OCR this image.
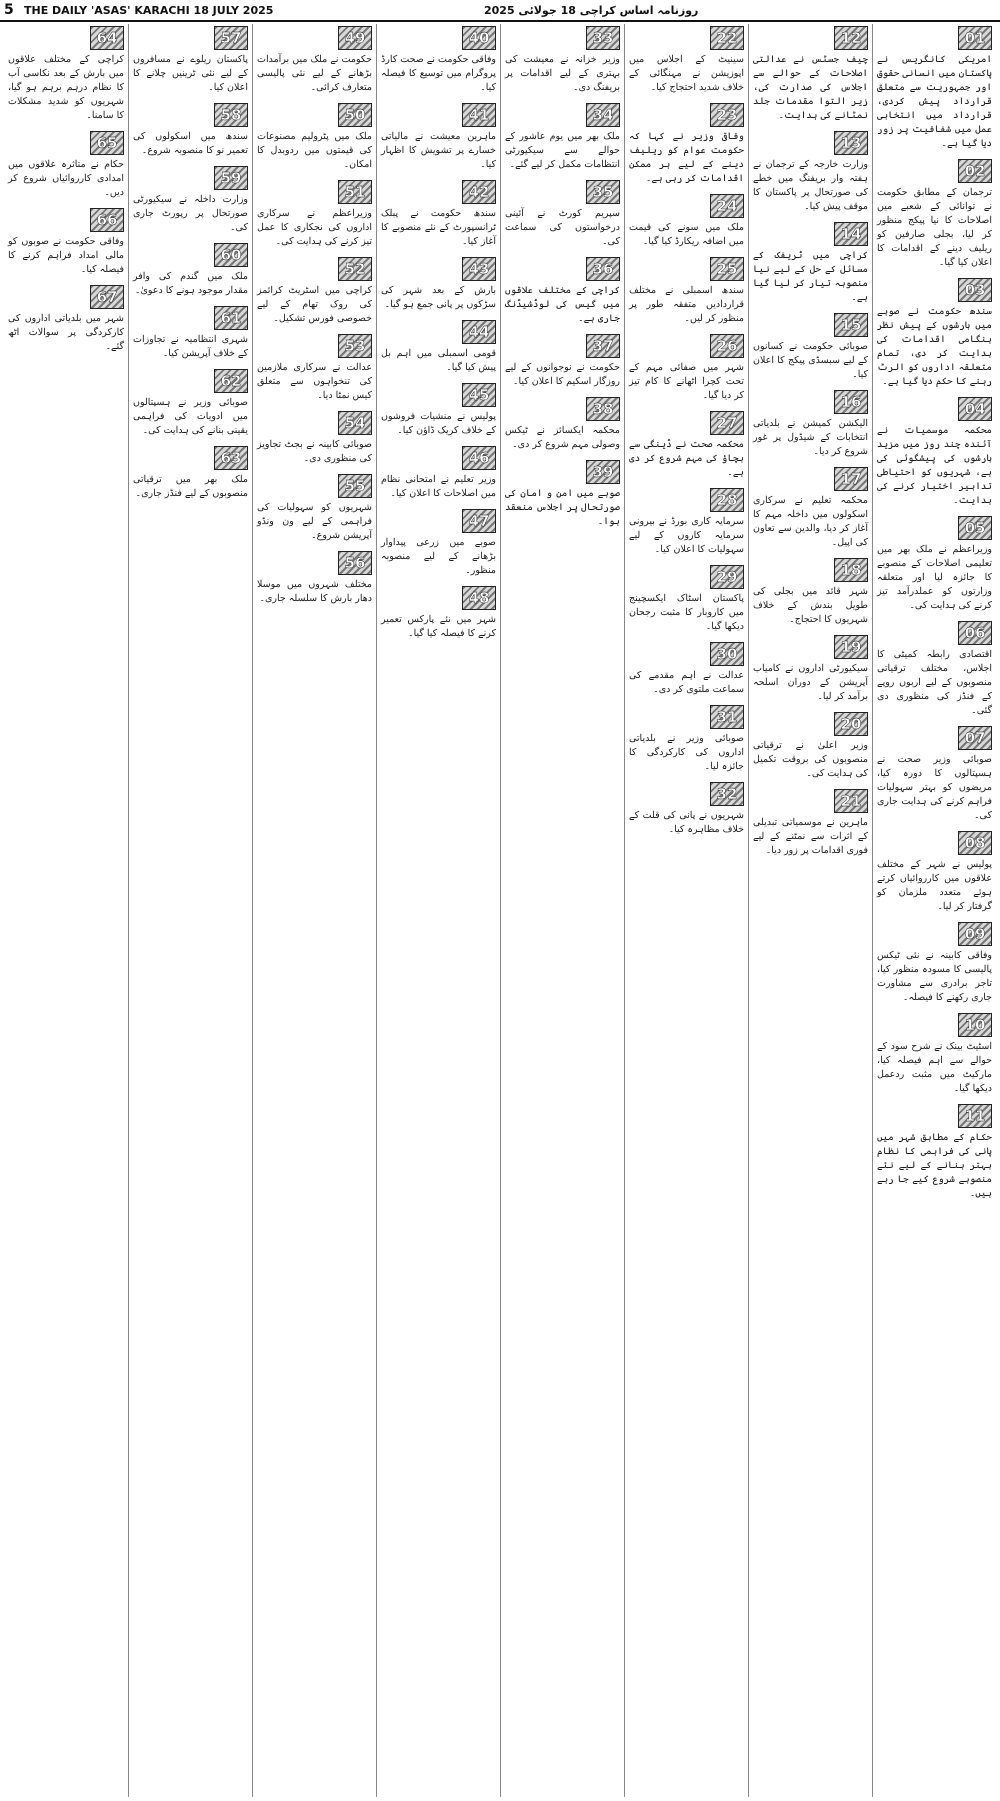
5 THE DAILY 'ASAS' KARACHI 18 JULY 2025	روزنامہ اساس کراچی 18 جولائی 2025
01
امریکی کانگریس نے پاکستان میں انسانی حقوق اور جمہوریت سے متعلق قرارداد پیش کردی، قرارداد میں انتخابی عمل میں شفافیت پر زور دیا گیا ہے۔
02
ترجمان کے مطابق حکومت نے توانائی کے شعبے میں اصلاحات کا نیا پیکج منظور کر لیا، بجلی صارفین کو ریلیف دینے کے اقدامات کا اعلان کیا گیا۔
03
سندھ حکومت نے صوبے میں بارشوں کے پیش نظر ہنگامی اقدامات کی ہدایت کر دی، تمام متعلقہ اداروں کو الرٹ رہنے کا حکم دیا گیا ہے۔
04
محکمہ موسمیات نے آئندہ چند روز میں مزید بارشوں کی پیشگوئی کی ہے، شہریوں کو احتیاطی تدابیر اختیار کرنے کی ہدایت۔
05
وزیراعظم نے ملک بھر میں تعلیمی اصلاحات کے منصوبے کا جائزہ لیا اور متعلقہ وزارتوں کو عملدرآمد تیز کرنے کی ہدایت کی۔
06
اقتصادی رابطہ کمیٹی کا اجلاس، مختلف ترقیاتی منصوبوں کے لیے اربوں روپے کے فنڈز کی منظوری دی گئی۔
07
صوبائی وزیر صحت نے ہسپتالوں کا دورہ کیا، مریضوں کو بہتر سہولیات فراہم کرنے کی ہدایت جاری کی۔
08
پولیس نے شہر کے مختلف علاقوں میں کارروائیاں کرتے ہوئے متعدد ملزمان کو گرفتار کر لیا۔
09
وفاقی کابینہ نے نئی ٹیکس پالیسی کا مسودہ منظور کیا، تاجر برادری سے مشاورت جاری رکھنے کا فیصلہ۔
10
اسٹیٹ بینک نے شرح سود کے حوالے سے اہم فیصلہ کیا، مارکیٹ میں مثبت ردعمل دیکھا گیا۔
11
حکام کے مطابق شہر میں پانی کی فراہمی کا نظام بہتر بنانے کے لیے نئے منصوبے شروع کیے جا رہے ہیں۔
12
چیف جسٹس نے عدالتی اصلاحات کے حوالے سے اجلاس کی صدارت کی، زیر التوا مقدمات جلد نمٹانے کی ہدایت۔
13
وزارت خارجہ کے ترجمان نے ہفتہ وار بریفنگ میں خطے کی صورتحال پر پاکستان کا موقف پیش کیا۔
14
کراچی میں ٹریفک کے مسائل کے حل کے لیے نیا منصوبہ تیار کر لیا گیا ہے۔
15
صوبائی حکومت نے کسانوں کے لیے سبسڈی پیکج کا اعلان کیا۔
16
الیکشن کمیشن نے بلدیاتی انتخابات کے شیڈول پر غور شروع کر دیا۔
17
محکمہ تعلیم نے سرکاری اسکولوں میں داخلہ مہم کا آغاز کر دیا، والدین سے تعاون کی اپیل۔
18
شہر قائد میں بجلی کی طویل بندش کے خلاف شہریوں کا احتجاج۔
19
سیکیورٹی اداروں نے کامیاب آپریشن کے دوران اسلحہ برآمد کر لیا۔
20
وزیر اعلیٰ نے ترقیاتی منصوبوں کی بروقت تکمیل کی ہدایت کی۔
21
ماہرین نے موسمیاتی تبدیلی کے اثرات سے نمٹنے کے لیے فوری اقدامات پر زور دیا۔
22
سینیٹ کے اجلاس میں اپوزیشن نے مہنگائی کے خلاف شدید احتجاج کیا۔
23
وفاقی وزیر نے کہا کہ حکومت عوام کو ریلیف دینے کے لیے ہر ممکن اقدامات کر رہی ہے۔
24
ملک میں سونے کی قیمت میں اضافہ ریکارڈ کیا گیا۔
25
سندھ اسمبلی نے مختلف قراردادیں متفقہ طور پر منظور کر لیں۔
26
شہر میں صفائی مہم کے تحت کچرا اٹھانے کا کام تیز کر دیا گیا۔
27
محکمہ صحت نے ڈینگی سے بچاؤ کی مہم شروع کر دی ہے۔
28
سرمایہ کاری بورڈ نے بیرونی سرمایہ کاروں کے لیے سہولیات کا اعلان کیا۔
29
پاکستان اسٹاک ایکسچینج میں کاروبار کا مثبت رجحان دیکھا گیا۔
30
عدالت نے اہم مقدمے کی سماعت ملتوی کر دی۔
31
صوبائی وزیر نے بلدیاتی اداروں کی کارکردگی کا جائزہ لیا۔
32
شہریوں نے پانی کی قلت کے خلاف مظاہرہ کیا۔
33
وزیر خزانہ نے معیشت کی بہتری کے لیے اقدامات پر بریفنگ دی۔
34
ملک بھر میں یوم عاشور کے حوالے سے سیکیورٹی انتظامات مکمل کر لیے گئے۔
35
سپریم کورٹ نے آئینی درخواستوں کی سماعت کی۔
36
کراچی کے مختلف علاقوں میں گیس کی لوڈشیڈنگ جاری ہے۔
37
حکومت نے نوجوانوں کے لیے روزگار اسکیم کا اعلان کیا۔
38
محکمہ ایکسائز نے ٹیکس وصولی مہم شروع کر دی۔
39
صوبے میں امن و امان کی صورتحال پر اجلاس منعقد ہوا۔
40
وفاقی حکومت نے صحت کارڈ پروگرام میں توسیع کا فیصلہ کیا۔
41
ماہرین معیشت نے مالیاتی خسارے پر تشویش کا اظہار کیا۔
42
سندھ حکومت نے پبلک ٹرانسپورٹ کے نئے منصوبے کا آغاز کیا۔
43
بارش کے بعد شہر کی سڑکوں پر پانی جمع ہو گیا۔
44
قومی اسمبلی میں اہم بل پیش کیا گیا۔
45
پولیس نے منشیات فروشوں کے خلاف کریک ڈاؤن کیا۔
46
وزیر تعلیم نے امتحانی نظام میں اصلاحات کا اعلان کیا۔
47
صوبے میں زرعی پیداوار بڑھانے کے لیے منصوبہ منظور۔
48
شہر میں نئے پارکس تعمیر کرنے کا فیصلہ کیا گیا۔
49
حکومت نے ملک میں برآمدات بڑھانے کے لیے نئی پالیسی متعارف کرائی۔
50
ملک میں پٹرولیم مصنوعات کی قیمتوں میں ردوبدل کا امکان۔
51
وزیراعظم نے سرکاری اداروں کی نجکاری کا عمل تیز کرنے کی ہدایت کی۔
52
کراچی میں اسٹریٹ کرائمز کی روک تھام کے لیے خصوصی فورس تشکیل۔
53
عدالت نے سرکاری ملازمین کی تنخواہوں سے متعلق کیس نمٹا دیا۔
54
صوبائی کابینہ نے بجٹ تجاویز کی منظوری دی۔
55
شہریوں کو سہولیات کی فراہمی کے لیے ون ونڈو آپریشن شروع۔
56
مختلف شہروں میں موسلا دھار بارش کا سلسلہ جاری۔
57
پاکستان ریلوے نے مسافروں کے لیے نئی ٹرینیں چلانے کا اعلان کیا۔
58
سندھ میں اسکولوں کی تعمیر نو کا منصوبہ شروع۔
59
وزارت داخلہ نے سیکیورٹی صورتحال پر رپورٹ جاری کی۔
60
ملک میں گندم کی وافر مقدار موجود ہونے کا دعویٰ۔
61
شہری انتظامیہ نے تجاوزات کے خلاف آپریشن کیا۔
62
صوبائی وزیر نے ہسپتالوں میں ادویات کی فراہمی یقینی بنانے کی ہدایت کی۔
63
ملک بھر میں ترقیاتی منصوبوں کے لیے فنڈز جاری۔
64
کراچی کے مختلف علاقوں میں بارش کے بعد نکاسی آب کا نظام درہم برہم ہو گیا، شہریوں کو شدید مشکلات کا سامنا۔
65
حکام نے متاثرہ علاقوں میں امدادی کارروائیاں شروع کر دیں۔
66
وفاقی حکومت نے صوبوں کو مالی امداد فراہم کرنے کا فیصلہ کیا۔
67
شہر میں بلدیاتی اداروں کی کارکردگی پر سوالات اٹھ گئے۔
